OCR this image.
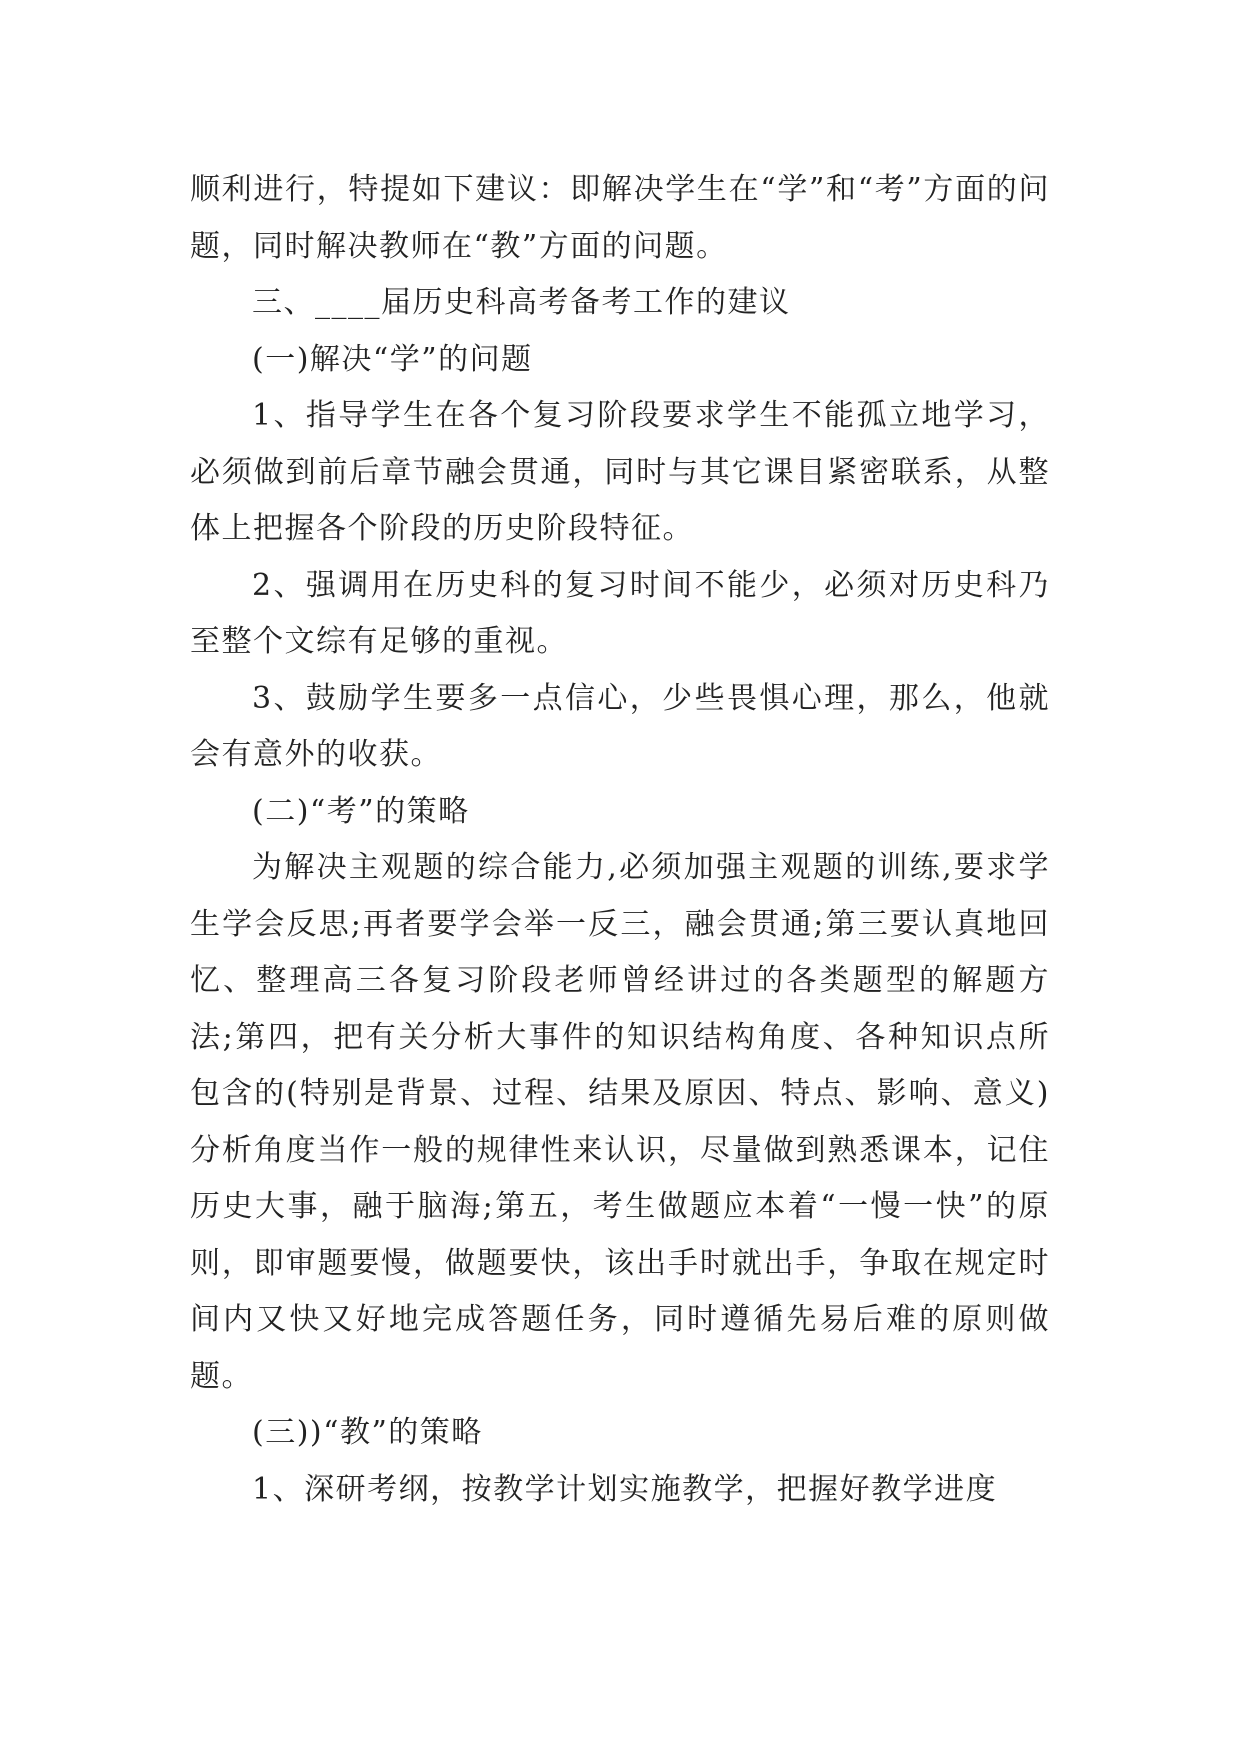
顺利进行，特提如下建议：即解决学生在“学”和“考”方面的问题，同时解决教师在“教”方面的问题。

三、____届历史科高考备考工作的建议

(一)解决“学”的问题

1、指导学生在各个复习阶段要求学生不能孤立地学习，必须做到前后章节融会贯通，同时与其它课目紧密联系，从整体上把握各个阶段的历史阶段特征。

2、强调用在历史科的复习时间不能少，必须对历史科乃至整个文综有足够的重视。

3、鼓励学生要多一点信心，少些畏惧心理，那么，他就会有意外的收获。

(二)“考”的策略

为解决主观题的综合能力,必须加强主观题的训练,要求学生学会反思;再者要学会举一反三，融会贯通;第三要认真地回忆、整理高三各复习阶段老师曾经讲过的各类题型的解题方法;第四，把有关分析大事件的知识结构角度、各种知识点所包含的(特别是背景、过程、结果及原因、特点、影响、意义)分析角度当作一般的规律性来认识，尽量做到熟悉课本，记住历史大事，融于脑海;第五，考生做题应本着“一慢一快”的原则，即审题要慢，做题要快，该出手时就出手，争取在规定时间内又快又好地完成答题任务，同时遵循先易后难的原则做题。

(三))“教”的策略

1、深研考纲，按教学计划实施教学，把握好教学进度
